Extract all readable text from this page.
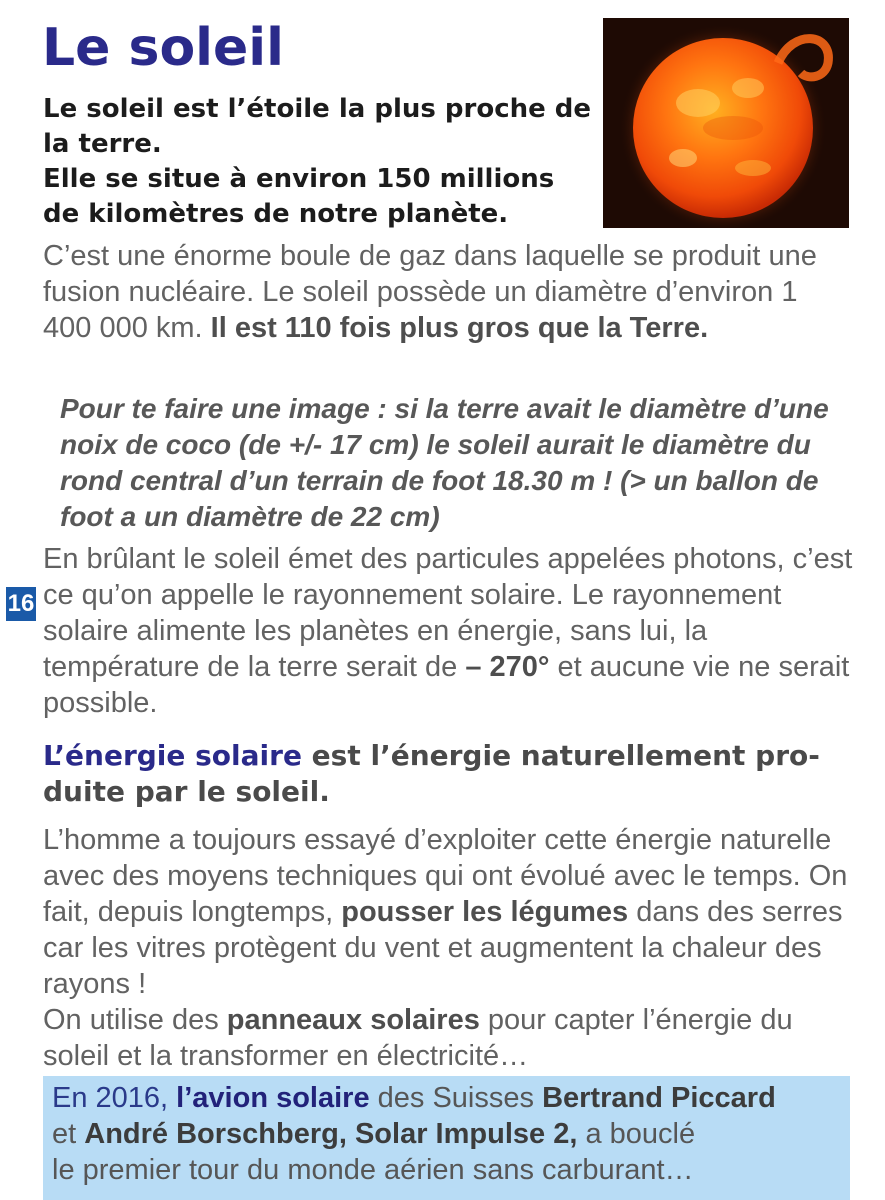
Le soleil

Le soleil est l’étoile la plus proche de la terre.

Elle se situe à environ 150 millions de kilomètres de notre planète.

C’est une énorme boule de gaz dans laquelle se produit une fusion nucléaire. Le soleil possède un diamètre d’environ 1 400 000 km. Il est 110 fois plus gros que la Terre.
Pour te faire une image : si la terre avait le diamètre d’une noix de coco (de +/- 17 cm) le soleil aurait le diamètre du rond central d’un terrain de foot 18.30 m ! (> un ballon de foot a un diamètre de 22 cm)
16
En brûlant le soleil émet des particules appelées photons, c’est ce qu’on appelle le rayonnement solaire. Le rayonnement solaire alimente les planètes en énergie, sans lui, la température de la terre serait de – 270° et aucune vie ne serait possible.
L’énergie solaire est l’énergie naturellement produite par le soleil.
L’homme a toujours essayé d’exploiter cette énergie naturelle avec des moyens techniques qui ont évolué avec le temps. On fait, depuis longtemps, pousser les légumes dans des serres car les vitres protègent du vent et augmentent la chaleur des rayons !
On utilise des panneaux solaires pour capter l’énergie du soleil et la transformer en électricité…
En 2016, l’avion solaire des Suisses Bertrand Piccard
et André Borschberg, Solar Impulse 2, a bouclé
le premier tour du monde aérien sans carburant…
